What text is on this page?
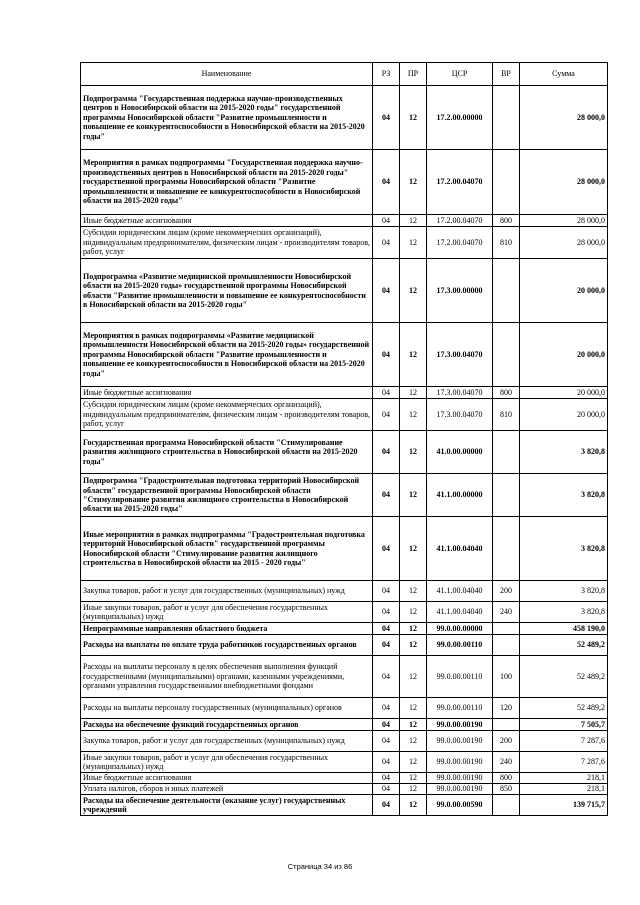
Наименование	РЗ	ПР	ЦСР	ВР	Сумма
Подпрограмма "Государственная поддержка научно-производственных центров в Новосибирской области на 2015-2020 годы" государственной программы Новосибирской области "Развитие промышленности и повышение ее конкурентоспособности в Новосибирской области на 2015-2020 годы"	04	12	17.2.00.00000		28 000,0
Мероприятия в рамках подпрограммы "Государственная поддержка научно-производственных центров в Новосибирской области на 2015-2020 годы" государственной программы Новосибирской области "Развитие промышленности и повышение ее конкурентоспособности в Новосибирской области на 2015-2020 годы"	04	12	17.2.00.04070		28 000,0
Иные бюджетные ассигнования	04	12	17.2.00.04070	800	28 000,0
Субсидии юридическим лицам (кроме некоммерческих организаций), индивидуальным предпринимателям, физическим лицам - производителям товаров, работ, услуг	04	12	17.2.00.04070	810	28 000,0
Подпрограмма «Развитие медицинской промышленности Новосибирской области на 2015-2020 годы» государственной программы Новосибирской области "Развитие промышленности и повышение ее конкурентоспособности в Новосибирской области на 2015-2020 годы"	04	12	17.3.00.00000		20 000,0
Мероприятия в рамках подпрограммы «Развитие медицинской промышленности Новосибирской области на 2015-2020 годы» государственной программы Новосибирской области "Развитие промышленности и повышение ее конкурентоспособности в Новосибирской области на 2015-2020 годы"	04	12	17.3.00.04070		20 000,0
Иные бюджетные ассигнования	04	12	17.3.00.04070	800	20 000,0
Субсидии юридическим лицам (кроме некоммерческих организаций), индивидуальным предпринимателям, физическим лицам - производителям товаров, работ, услуг	04	12	17.3.00.04070	810	20 000,0
Государственная программа Новосибирской области "Стимулирование развития жилищного строительства в Новосибирской области на 2015-2020 годы"	04	12	41.0.00.00000		3 820,8
Подпрограмма "Градостроительная подготовка территорий Новосибирской области" государственной программы Новосибирской области "Стимулирование развития жилищного строительства в Новосибирской области на 2015-2020 годы"	04	12	41.1.00.00000		3 820,8
Иные мероприятия в рамках подпрограммы "Градостроительная подготовка территорий Новосибирской области" государственной программы Новосибирской области "Стимулирование развития жилищного строительства в Новосибирской области на 2015 - 2020 годы"	04	12	41.1.00.04040		3 820,8
Закупка товаров, работ и услуг для государственных (муниципальных) нужд	04	12	41.1.00.04040	200	3 820,8
Иные закупки товаров, работ и услуг для обеспечения государственных (муниципальных) нужд	04	12	41.1.00.04040	240	3 820,8
Непрограммные направления областного бюджета	04	12	99.0.00.00000		458 190,0
Расходы на выплаты по оплате труда работников государственных органов	04	12	99.0.00.00110		52 489,2
Расходы на выплаты персоналу в целях обеспечения выполнения функций государственными (муниципальными) органами, казенными учреждениями, органами управления государственными внебюджетными фондами	04	12	99.0.00.00110	100	52 489,2
Расходы на выплаты персоналу государственных (муниципальных) органов	04	12	99.0.00.00110	120	52 489,2
Расходы на обеспечение функций государственных органов	04	12	99.0.00.00190		7 505,7
Закупка товаров, работ и услуг для государственных (муниципальных) нужд	04	12	99.0.00.00190	200	7 287,6
Иные закупки товаров, работ и услуг для обеспечения государственных (муниципальных) нужд	04	12	99.0.00.00190	240	7 287,6
Иные бюджетные ассигнования	04	12	99.0.00.00190	800	218,1
Уплата налогов, сборов и иных платежей	04	12	99.0.00.00190	850	218,1
Расходы на обеспечение деятельности (оказание услуг) государственных учреждений	04	12	99.0.00.00590		139 715,7
Страница 34 из 86
